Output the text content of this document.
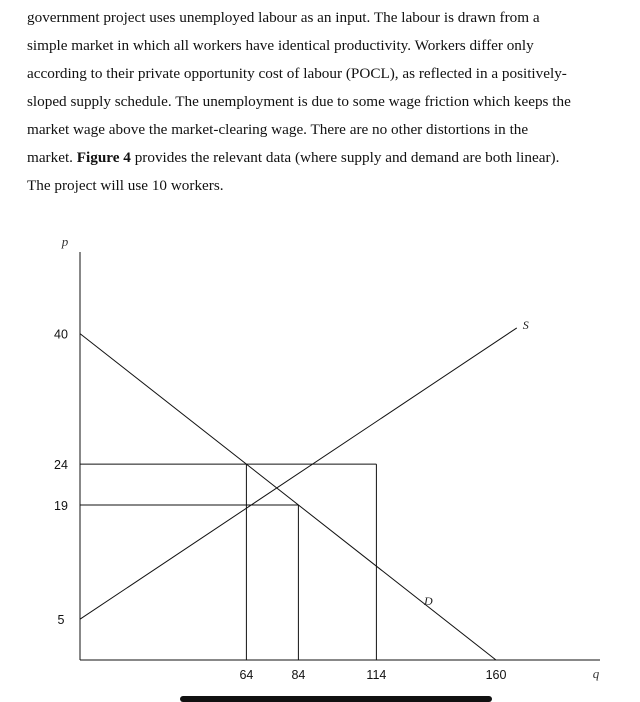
government project uses unemployed labour as an input. The labour is drawn from a
simple market in which all workers have identical productivity. Workers differ only
according to their private opportunity cost of labour (POCL), as reflected in a positively-
sloped supply schedule. The unemployment is due to some wage friction which keeps the
market wage above the market-clearing wage. There are no other distortions in the
market. Figure 4 provides the relevant data (where supply and demand are both linear).
The project will use 10 workers.
S
D
5
19
24
40
64	84	114	160
p
q
